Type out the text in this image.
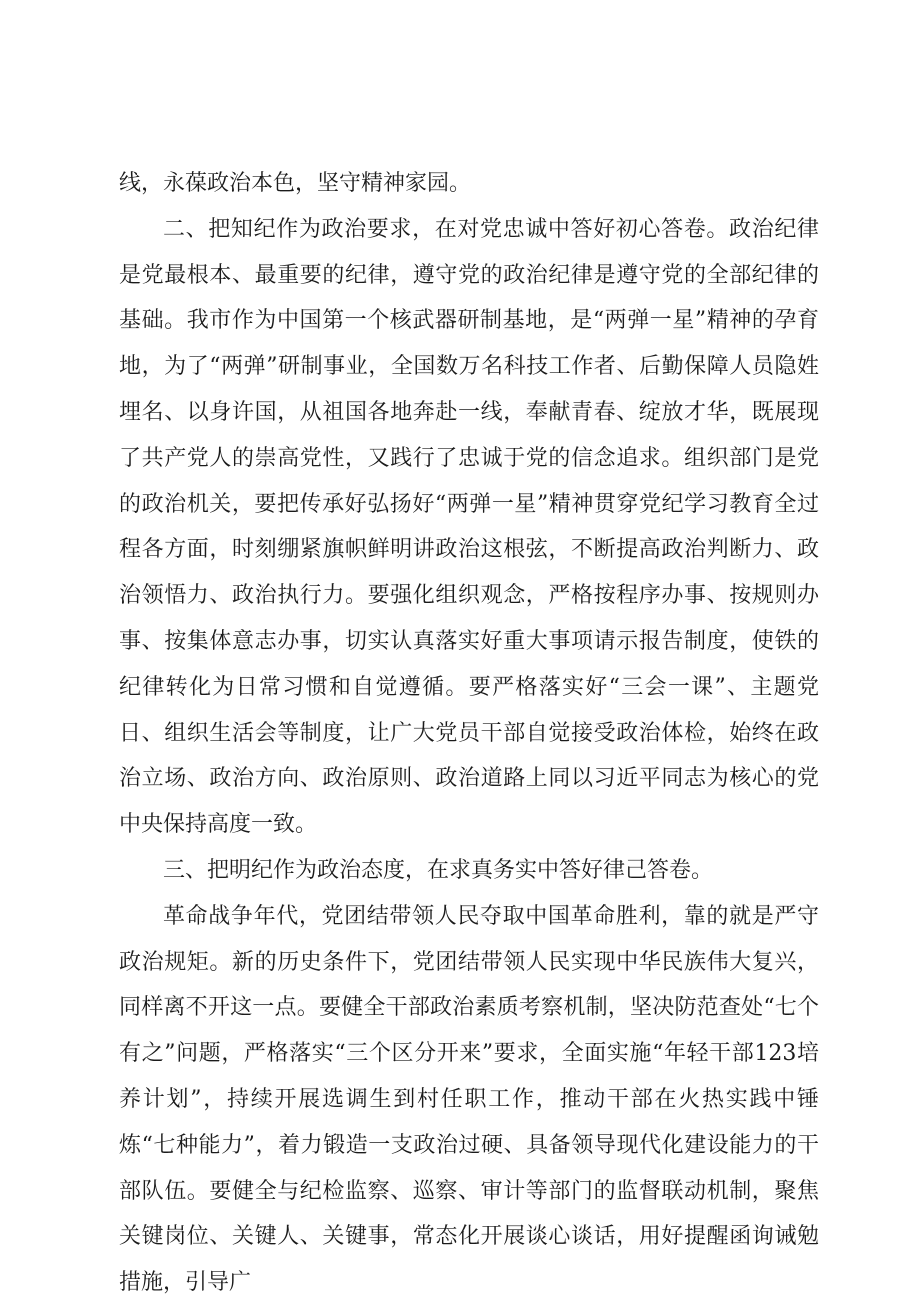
线，永葆政治本色，坚守精神家园。

二、把知纪作为政治要求，在对党忠诚中答好初心答卷。政治纪律是党最根本、最重要的纪律，遵守党的政治纪律是遵守党的全部纪律的基础。我市作为中国第一个核武器研制基地，是“两弹一星”精神的孕育地，为了“两弹”研制事业，全国数万名科技工作者、后勤保障人员隐姓埋名、以身许国，从祖国各地奔赴一线，奉献青春、绽放才华，既展现了共产党人的崇高党性，又践行了忠诚于党的信念追求。组织部门是党的政治机关，要把传承好弘扬好“两弹一星”精神贯穿党纪学习教育全过程各方面，时刻绷紧旗帜鲜明讲政治这根弦，不断提高政治判断力、政治领悟力、政治执行力。要强化组织观念，严格按程序办事、按规则办事、按集体意志办事，切实认真落实好重大事项请示报告制度，使铁的纪律转化为日常习惯和自觉遵循。要严格落实好“三会一课”、主题党日、组织生活会等制度，让广大党员干部自觉接受政治体检，始终在政治立场、政治方向、政治原则、政治道路上同以习近平同志为核心的党中央保持高度一致。

三、把明纪作为政治态度，在求真务实中答好律己答卷。

革命战争年代，党团结带领人民夺取中国革命胜利，靠的就是严守政治规矩。新的历史条件下，党团结带领人民实现中华民族伟大复兴，同样离不开这一点。要健全干部政治素质考察机制，坚决防范查处“七个有之”问题，严格落实“三个区分开来”要求，全面实施“年轻干部123培养计划”，持续开展选调生到村任职工作，推动干部在火热实践中锤炼“七种能力”，着力锻造一支政治过硬、具备领导现代化建设能力的干部队伍。要健全与纪检监察、巡察、审计等部门的监督联动机制，聚焦关键岗位、关键人、关键事，常态化开展谈心谈话，用好提醒函询诫勉措施，引导广
